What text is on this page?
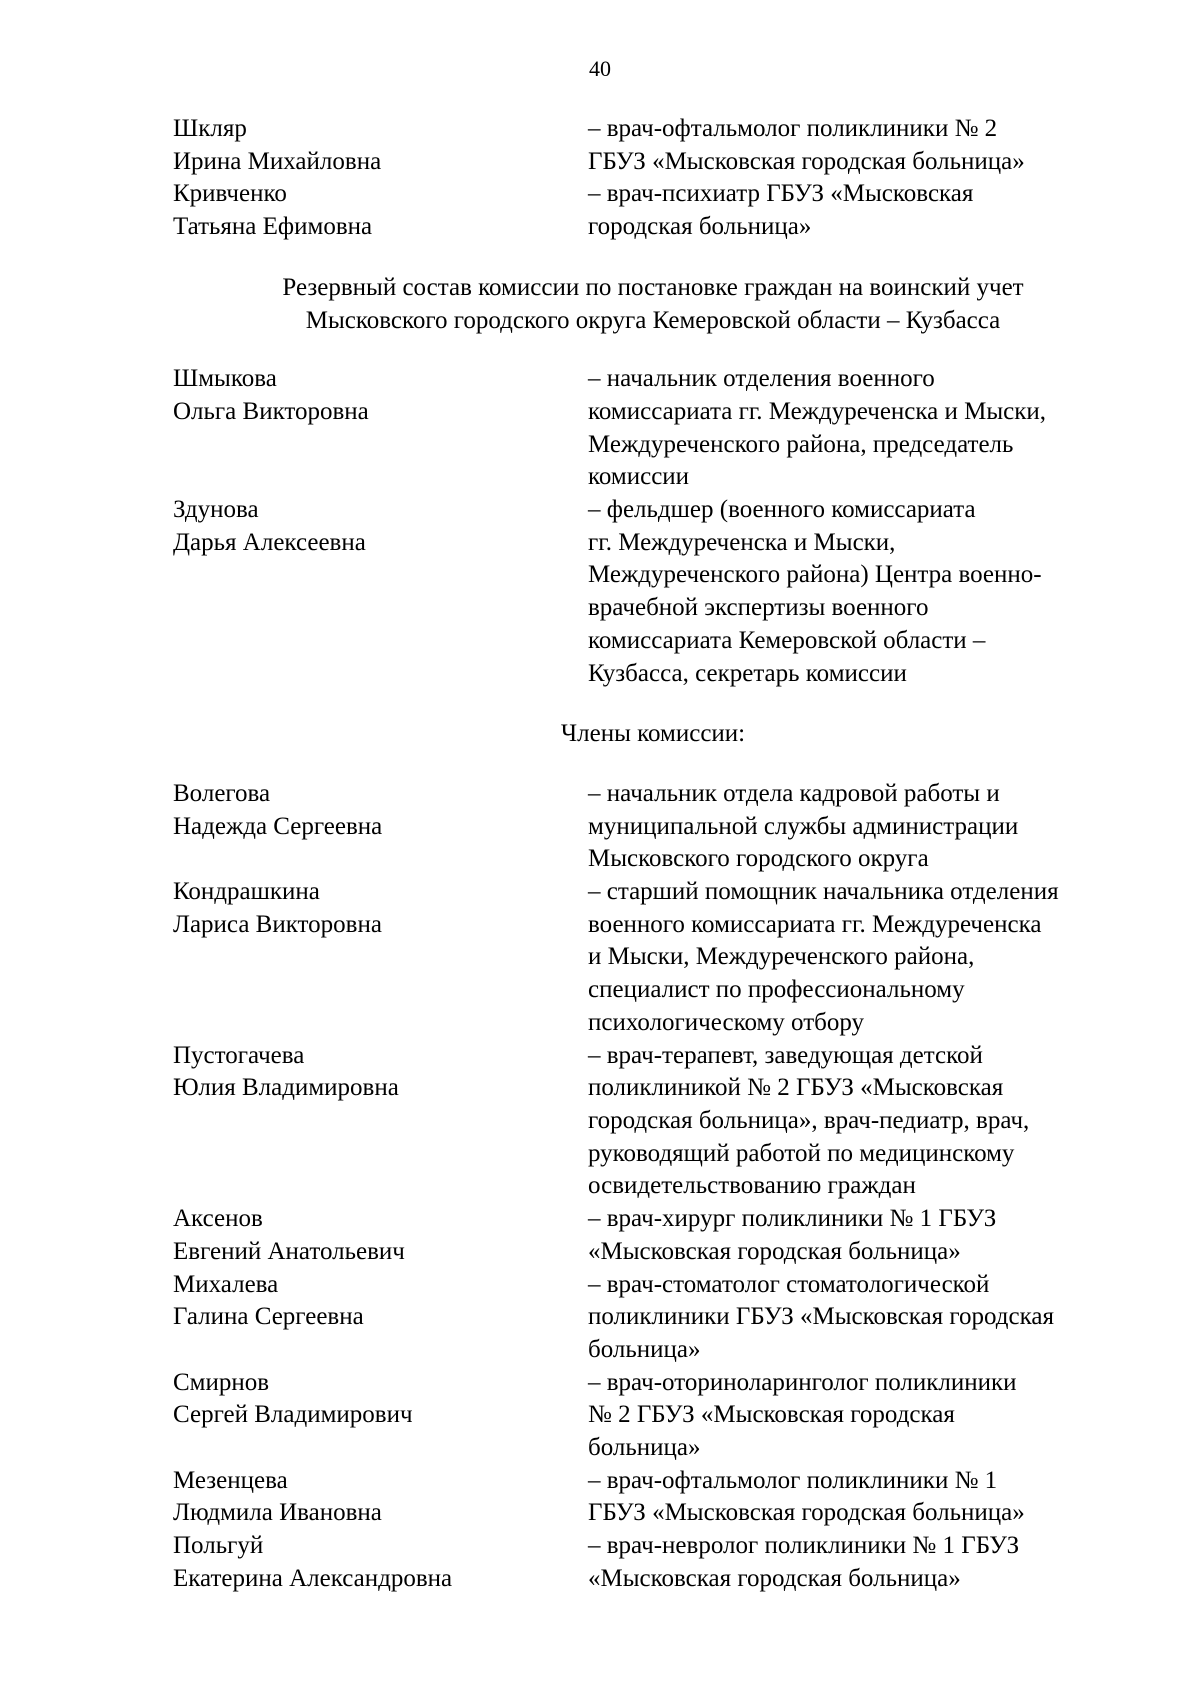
40
Шкляр
Ирина Михайловна
– врач-офтальмолог поликлиники № 2
ГБУЗ «Мысковская городская больница»
Кривченко
Татьяна Ефимовна
– врач-психиатр ГБУЗ «Мысковская
городская больница»
Резервный состав комиссии по постановке граждан на воинский учет
Мысковского городского округа Кемеровской области – Кузбасса
Шмыкова
Ольга Викторовна
– начальник отделения военного
комиссариата гг. Междуреченска и Мыски,
Междуреченского района, председатель
комиссии
Здунова
Дарья Алексеевна
– фельдшер (военного комиссариата
гг. Междуреченска и Мыски,
Междуреченского района) Центра военно-
врачебной экспертизы военного
комиссариата Кемеровской области –
Кузбасса, секретарь комиссии
Члены комиссии:
Волегова
Надежда Сергеевна
– начальник отдела кадровой работы и
муниципальной службы администрации
Мысковского городского округа
Кондрашкина
Лариса Викторовна
– старший помощник начальника отделения
военного комиссариата гг. Междуреченска
и Мыски, Междуреченского района,
специалист по профессиональному
психологическому отбору
Пустогачева
Юлия Владимировна
– врач-терапевт, заведующая детской
поликлиникой № 2 ГБУЗ «Мысковская
городская больница», врач-педиатр, врач,
руководящий работой по медицинскому
освидетельствованию граждан
Аксенов
Евгений Анатольевич
– врач-хирург поликлиники № 1 ГБУЗ
«Мысковская городская больница»
Михалева
Галина Сергеевна
– врач-стоматолог стоматологической
поликлиники ГБУЗ «Мысковская городская
больница»
Смирнов
Сергей Владимирович
– врач-оториноларинголог поликлиники
№ 2 ГБУЗ «Мысковская городская
больница»
Мезенцева
Людмила Ивановна
– врач-офтальмолог поликлиники № 1
ГБУЗ «Мысковская городская больница»
Польгуй
Екатерина Александровна
– врач-невролог поликлиники № 1 ГБУЗ
«Мысковская городская больница»
